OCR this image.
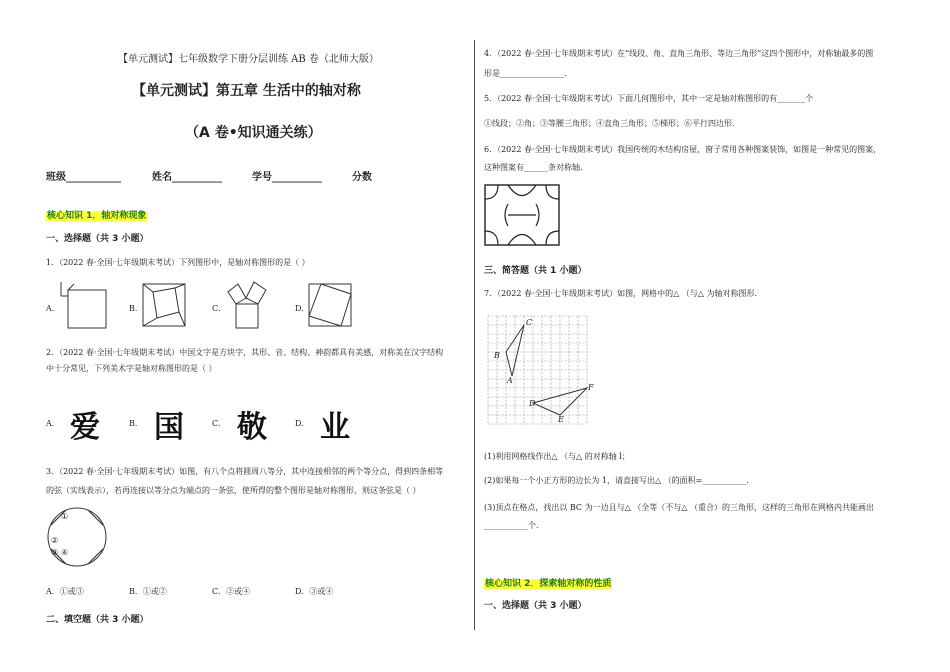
【单元测试】七年级数学下册分层训练 AB 卷（北师大版）
【单元测试】第五章 生活中的轴对称
（A 卷•知识通关练）
班级___________	姓名__________	学号__________	分数
核心知识 1．轴对称现象
一、选择题（共 3 小题）
1．（2022 春·全国·七年级期末考试）下列图形中，是轴对称图形的是（ ）
A．	B．	C．	D．
2．（2022 春·全国·七年级期末考试）中国文字是方块字，其形、音、结构、神韵都具有美感，对称美在汉字结构
中十分常见，下列美术字是轴对称图形的是（ ）
A． 爱	B． 国	C． 敬	D． 业
3．（2022 春·全国·七年级期末考试）如图，有八个点将圆周八等分，其中连接相邻的两个等分点，得到四条相等
的弦（实线表示），若再连接以等分点为端点的一条弦，使所得的整个图形是轴对称图形，则这条弦是（ ）
①
②
③ ④
A．①或③	B．①或②	C．②或④	D．③或④
二、填空题（共 3 小题）
4．（2022 春·全国·七年级期末考试）在“线段、角、直角三角形、等边三角形”这四个图形中，对称轴最多的图
形是________________.
5．（2022 春·全国·七年级期末考试）下面几何图形中，其中一定是轴对称图形的有_______个
①线段；②角；③等腰三角形；④直角三角形；⑤梯形；⑥平行四边形.
6．（2022 春·全国·七年级期末考试）我国传统的木结构房屋，窗子常用各种图案装饰，如图是一种常见的图案，
这种图案有______条对称轴.
三、简答题（共 1 小题）
7．（2022 春·全国·七年级期末考试）如图，网格中的△ （与△ 为轴对称图形.
C
B
A
F
D
E
(1)利用网格线作出△ （与△ 的对称轴 l；
(2)如果每一个小正方形的边长为 1，请直接写出△ （的面积=___________.
(3)顶点在格点，找出以 BC 为一边且与△ （全等（不与△ （重合）的三角形，这样的三角形在网格内共能画出
___________个.
核心知识 2．探索轴对称的性质
一、选择题（共 3 小题）
